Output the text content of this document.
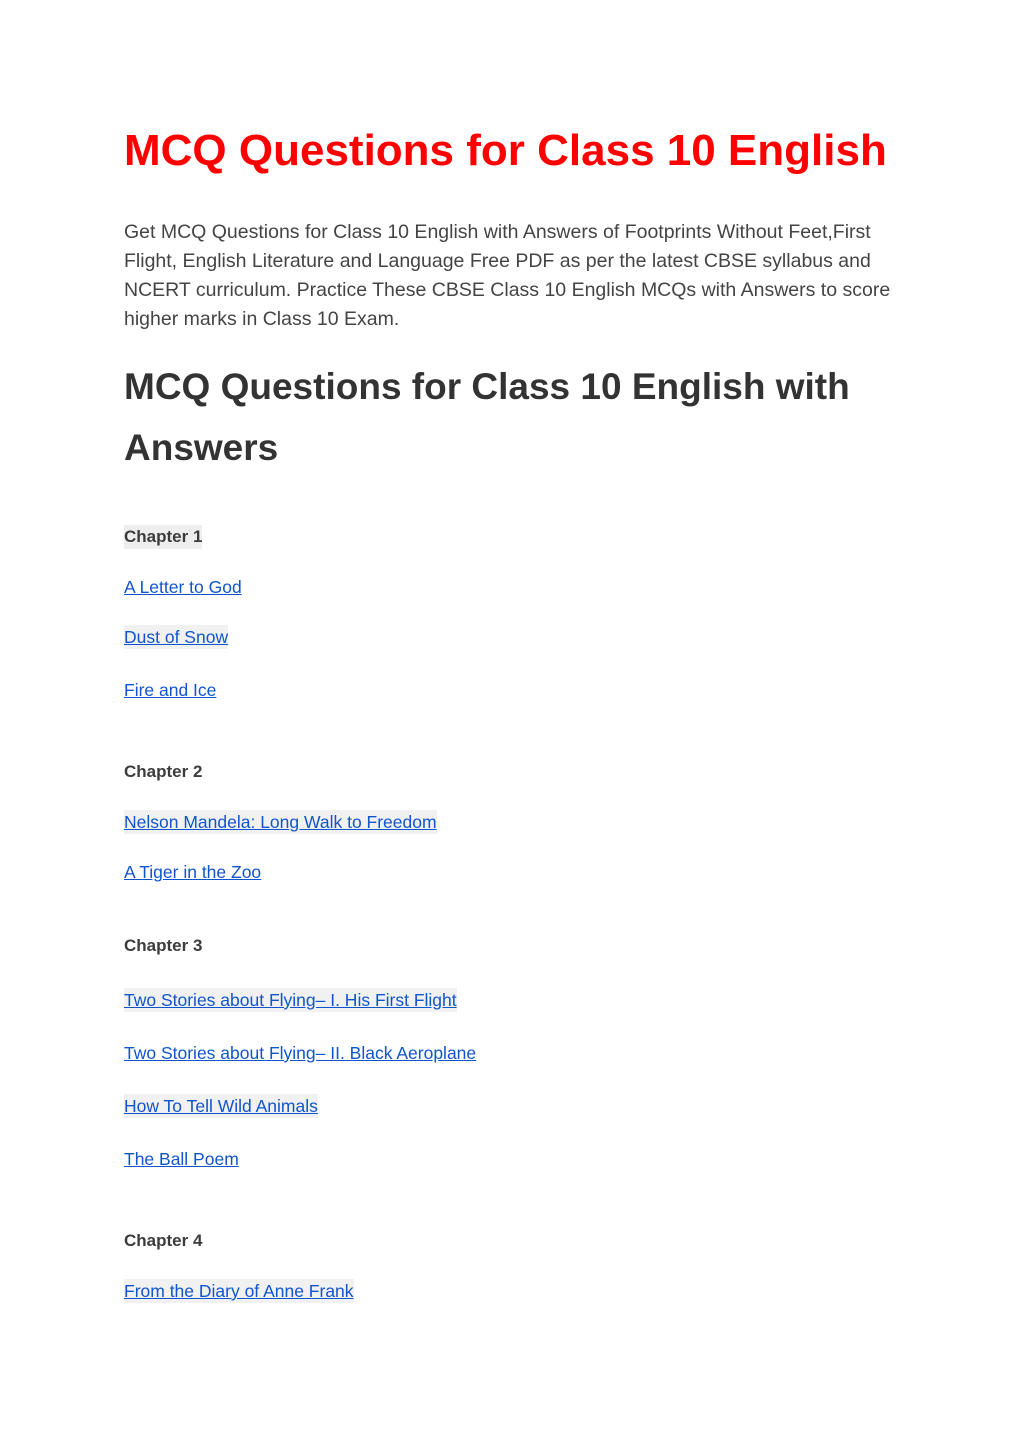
MCQ Questions for Class 10 English

Get MCQ Questions for Class 10 English with Answers of Footprints Without Feet,First Flight, English Literature and Language Free PDF as per the latest CBSE syllabus and NCERT curriculum. Practice These CBSE Class 10 English MCQs with Answers to score higher marks in Class 10 Exam.

MCQ Questions for Class 10 English with Answers
Chapter 1
A Letter to God
Dust of Snow
Fire and Ice
Chapter 2
Nelson Mandela: Long Walk to Freedom
A Tiger in the Zoo
Chapter 3
Two Stories about Flying– I. His First Flight
Two Stories about Flying– II. Black Aeroplane
How To Tell Wild Animals
The Ball Poem
Chapter 4
From the Diary of Anne Frank
